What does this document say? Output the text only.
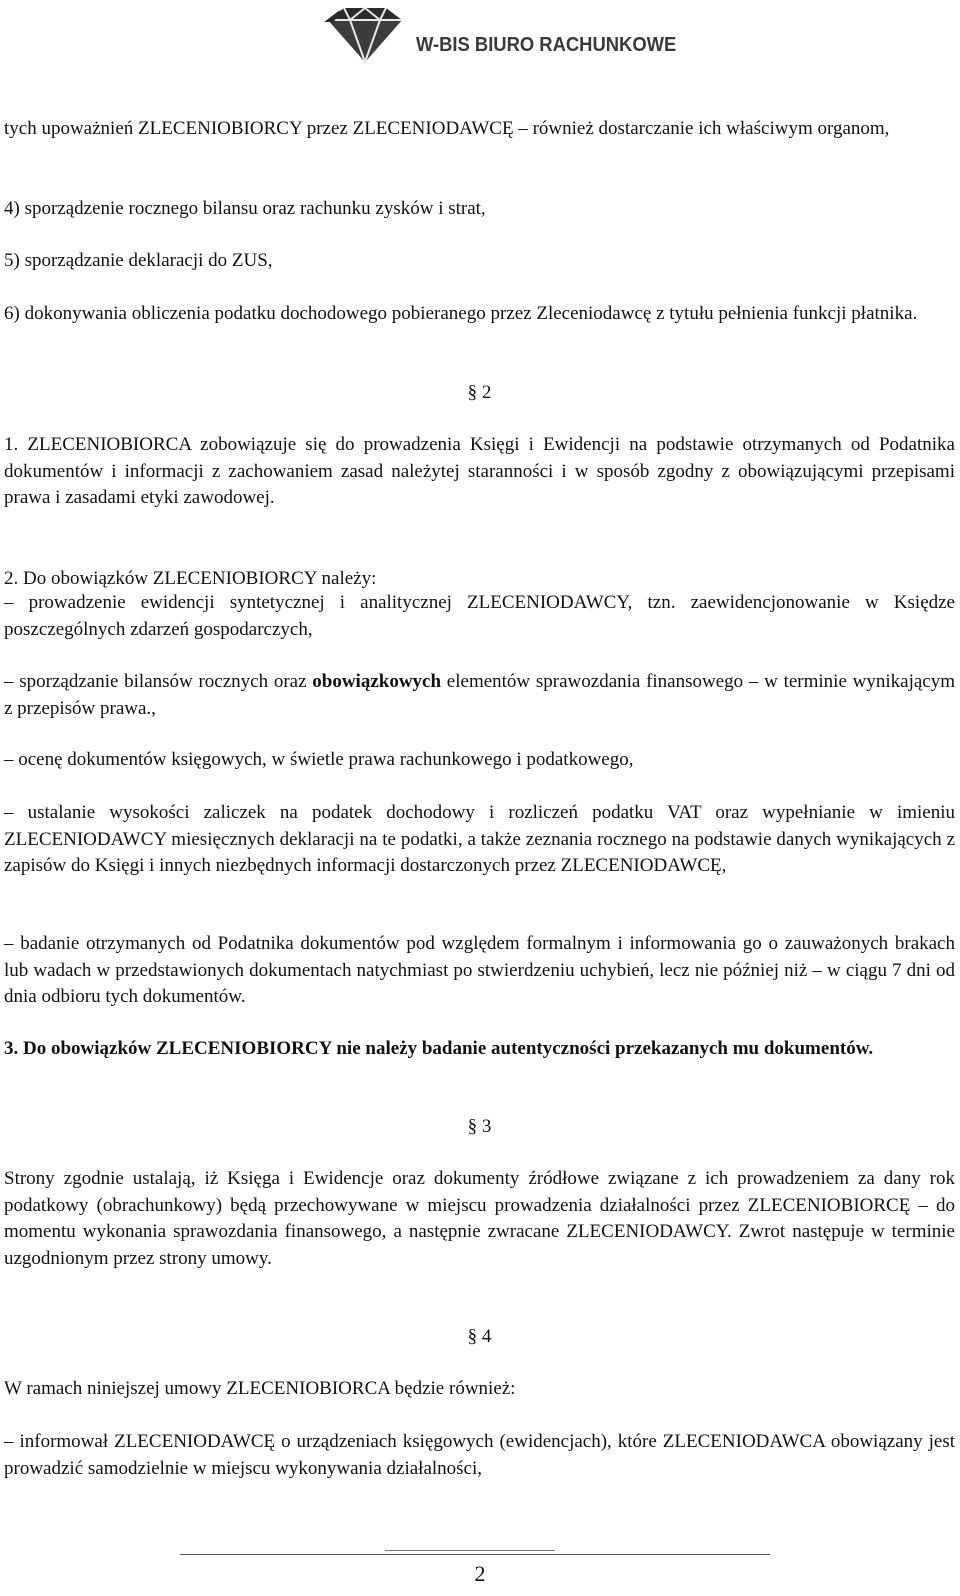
W-BIS BIURO RACHUNKOWE

tych upoważnień ZLECENIOBIORCY przez ZLECENIODAWCĘ – również dostarczanie ich właściwym organom,

4) sporządzenie rocznego bilansu oraz rachunku zysków i strat,

5) sporządzanie deklaracji do ZUS,

6) dokonywania obliczenia podatku dochodowego pobieranego przez Zleceniodawcę z tytułu pełnienia funkcji płatnika.

§ 2

1. ZLECENIOBIORCA zobowiązuje się do prowadzenia Księgi i Ewidencji na podstawie otrzymanych od Podatnika dokumentów i informacji z zachowaniem zasad należytej staranności i w sposób zgodny z obowiązującymi przepisami prawa i zasadami etyki zawodowej.

2. Do obowiązków ZLECENIOBIORCY należy:

– prowadzenie ewidencji syntetycznej i analitycznej ZLECENIODAWCY, tzn. zaewidencjonowanie w Księdze poszczególnych zdarzeń gospodarczych,

– sporządzanie bilansów rocznych oraz obowiązkowych elementów sprawozdania finansowego – w terminie wynikającym z przepisów prawa.,

– ocenę dokumentów księgowych, w świetle prawa rachunkowego i podatkowego,

– ustalanie wysokości zaliczek na podatek dochodowy i rozliczeń podatku VAT oraz wypełnianie w imieniu ZLECENIODAWCY miesięcznych deklaracji na te podatki, a także zeznania rocznego na podstawie danych wynikających z zapisów do Księgi i innych niezbędnych informacji dostarczonych przez ZLECENIODAWCĘ,

– badanie otrzymanych od Podatnika dokumentów pod względem formalnym i informowania go o zauważonych brakach lub wadach w przedstawionych dokumentach natychmiast po stwierdzeniu uchybień, lecz nie później niż – w ciągu 7 dni od dnia odbioru tych dokumentów.

3. Do obowiązków ZLECENIOBIORCY nie należy badanie autentyczności przekazanych mu dokumentów.

§ 3

Strony zgodnie ustalają, iż Księga i Ewidencje oraz dokumenty źródłowe związane z ich prowadzeniem za dany rok podatkowy (obrachunkowy) będą przechowywane w miejscu prowadzenia działalności przez ZLECENIOBIORCĘ – do momentu wykonania sprawozdania finansowego, a następnie zwracane ZLECENIODAWCY. Zwrot następuje w terminie uzgodnionym przez strony umowy.

§ 4

W ramach niniejszej umowy ZLECENIOBIORCA będzie również:

– informował ZLECENIODAWCĘ o urządzeniach księgowych (ewidencjach), które ZLECENIODAWCA obowiązany jest prowadzić samodzielnie w miejscu wykonywania działalności,

2
